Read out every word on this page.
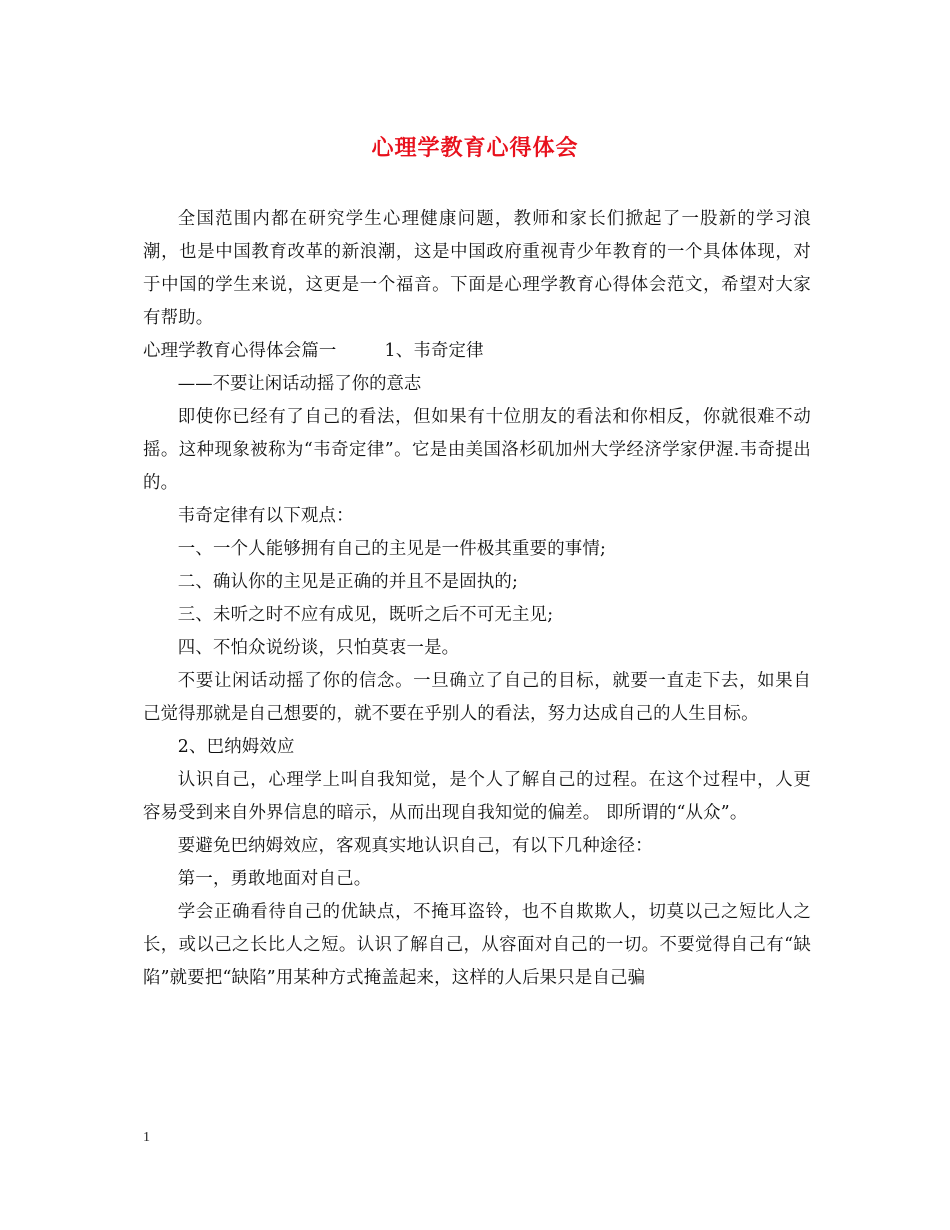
心理学教育心得体会

全国范围内都在研究学生心理健康问题，教师和家长们掀起了一股新的学习浪潮，也是中国教育改革的新浪潮，这是中国政府重视青少年教育的一个具体体现，对于中国的学生来说，这更是一个福音。下面是心理学教育心得体会范文，希望对大家有帮助。

心理学教育心得体会篇一	1、韦奇定律

——不要让闲话动摇了你的意志

即使你已经有了自己的看法，但如果有十位朋友的看法和你相反，你就很难不动摇。这种现象被称为“韦奇定律”。它是由美国洛杉矶加州大学经济学家伊渥.韦奇提出的。

韦奇定律有以下观点：

一、一个人能够拥有自己的主见是一件极其重要的事情;

二、确认你的主见是正确的并且不是固执的;

三、未听之时不应有成见，既听之后不可无主见;

四、不怕众说纷谈，只怕莫衷一是。

不要让闲话动摇了你的信念。一旦确立了自己的目标，就要一直走下去，如果自己觉得那就是自己想要的，就不要在乎别人的看法，努力达成自己的人生目标。

2、巴纳姆效应

认识自己，心理学上叫自我知觉，是个人了解自己的过程。在这个过程中，人更容易受到来自外界信息的暗示，从而出现自我知觉的偏差。 即所谓的“从众”。

要避免巴纳姆效应，客观真实地认识自己，有以下几种途径：

第一，勇敢地面对自己。

学会正确看待自己的优缺点，不掩耳盗铃，也不自欺欺人，切莫以己之短比人之长，或以己之长比人之短。认识了解自己，从容面对自己的一切。不要觉得自己有“缺陷”就要把“缺陷”用某种方式掩盖起来，这样的人后果只是自己骗

1
